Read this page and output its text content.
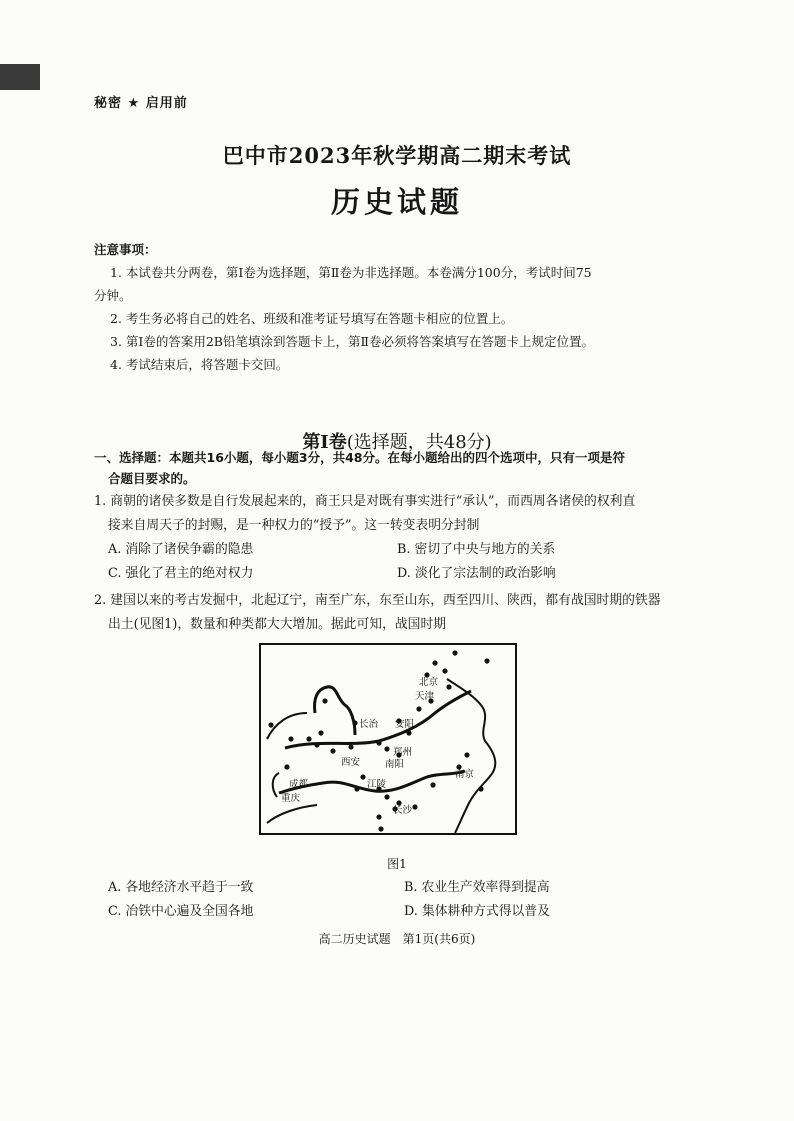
秘密 ★ 启用前
巴中市2023年秋学期高二期末考试
历史试题
注意事项：

1. 本试卷共分两卷，第Ⅰ卷为选择题，第Ⅱ卷为非选择题。本卷满分100分，考试时间75

分钟。

2. 考生务必将自己的姓名、班级和准考证号填写在答题卡相应的位置上。

3. 第Ⅰ卷的答案用2B铅笔填涂到答题卡上，第Ⅱ卷必须将答案填写在答题卡上规定位置。

4. 考试结束后，将答题卡交回。

第Ⅰ卷(选择题，共48分)
一、选择题：本题共16小题，每小题3分，共48分。在每小题给出的四个选项中，只有一项是符
合题目要求的。
1. 商朝的诸侯多数是自行发展起来的，商王只是对既有事实进行“承认”，而西周各诸侯的权利直
接来自周天子的封赐，是一种权力的“授予”。这一转变表明分封制
A. 消除了诸侯争霸的隐患	B. 密切了中央与地方的关系
C. 强化了君主的绝对权力	D. 淡化了宗法制的政治影响
2. 建国以来的考古发掘中，北起辽宁，南至广东，东至山东，西至四川、陕西，都有战国时期的铁器
出土(见图1)，数量和种类都大大增加。据此可知，战国时期
北京
天津
长治 安阳
郑州
西安	南阳
南京
江陵
成都
重庆
长沙
图1
A. 各地经济水平趋于一致	B. 农业生产效率得到提高
C. 冶铁中心遍及全国各地	D. 集体耕种方式得以普及
高二历史试题　第1页(共6页)
